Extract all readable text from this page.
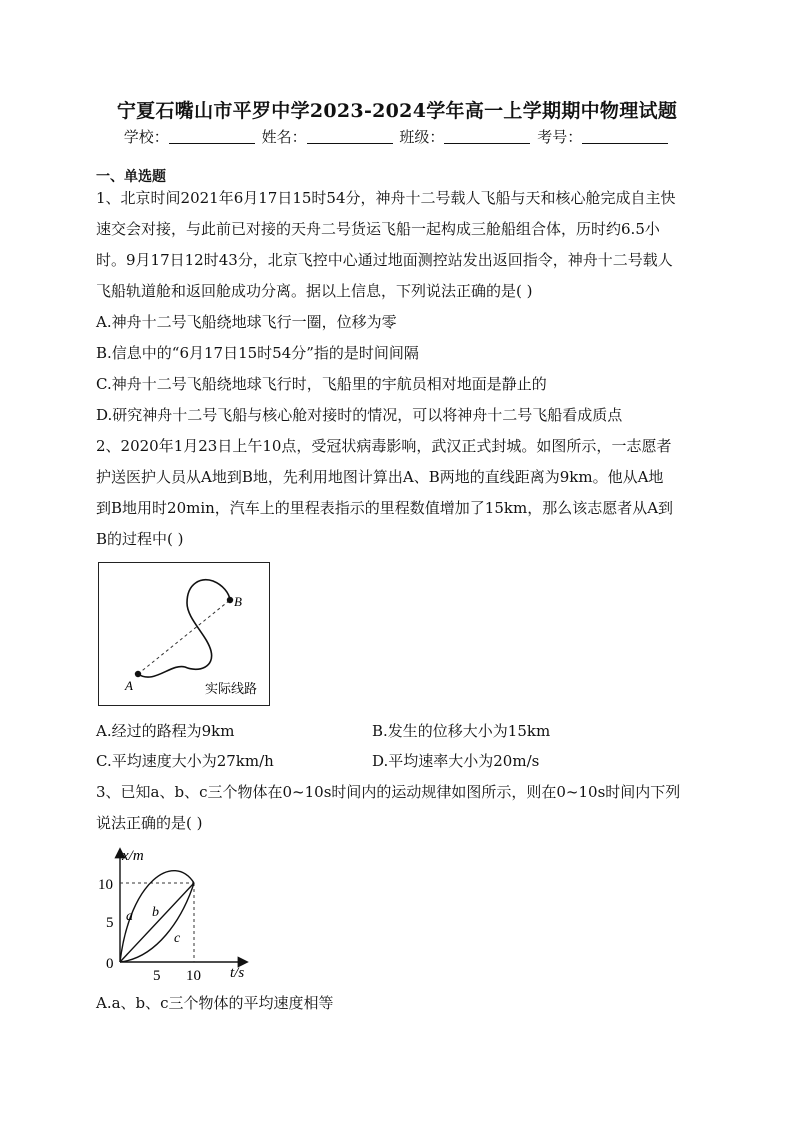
宁夏石嘴山市平罗中学2023-2024学年高一上学期期中物理试题
学校：	姓名：	班级：	考号：
一、单选题
1、北京时间2021年6月17日15时54分，神舟十二号载人飞船与天和核心舱完成自主快
速交会对接，与此前已对接的天舟二号货运飞船一起构成三舱船组合体，历时约6.5小
时。9月17日12时43分，北京飞控中心通过地面测控站发出返回指令，神舟十二号载人
飞船轨道舱和返回舱成功分离。据以上信息，下列说法正确的是( )
A.神舟十二号飞船绕地球飞行一圈，位移为零
B.信息中的“6月17日15时54分”指的是时间间隔
C.神舟十二号飞船绕地球飞行时，飞船里的宇航员相对地面是静止的
D.研究神舟十二号飞船与核心舱对接时的情况，可以将神舟十二号飞船看成质点
2、2020年1月23日上午10点，受冠状病毒影响，武汉正式封城。如图所示，一志愿者
护送医护人员从A地到B地，先利用地图计算出A、B两地的直线距离为9km。他从A地
到B地用时20min，汽车上的里程表指示的里程数值增加了15km，那么该志愿者从A到
B的过程中( )
A
B
实际线路
A.经过的路程为9km	B.发生的位移大小为15km
C.平均速度大小为27km/h	D.平均速率大小为20m/s
3、已知a、b、c三个物体在0~10s时间内的运动规律如图所示，则在0~10s时间内下列
说法正确的是( )
x/m
t/s
10
5
0
5 10
a b
c
A.a、b、c三个物体的平均速度相等
